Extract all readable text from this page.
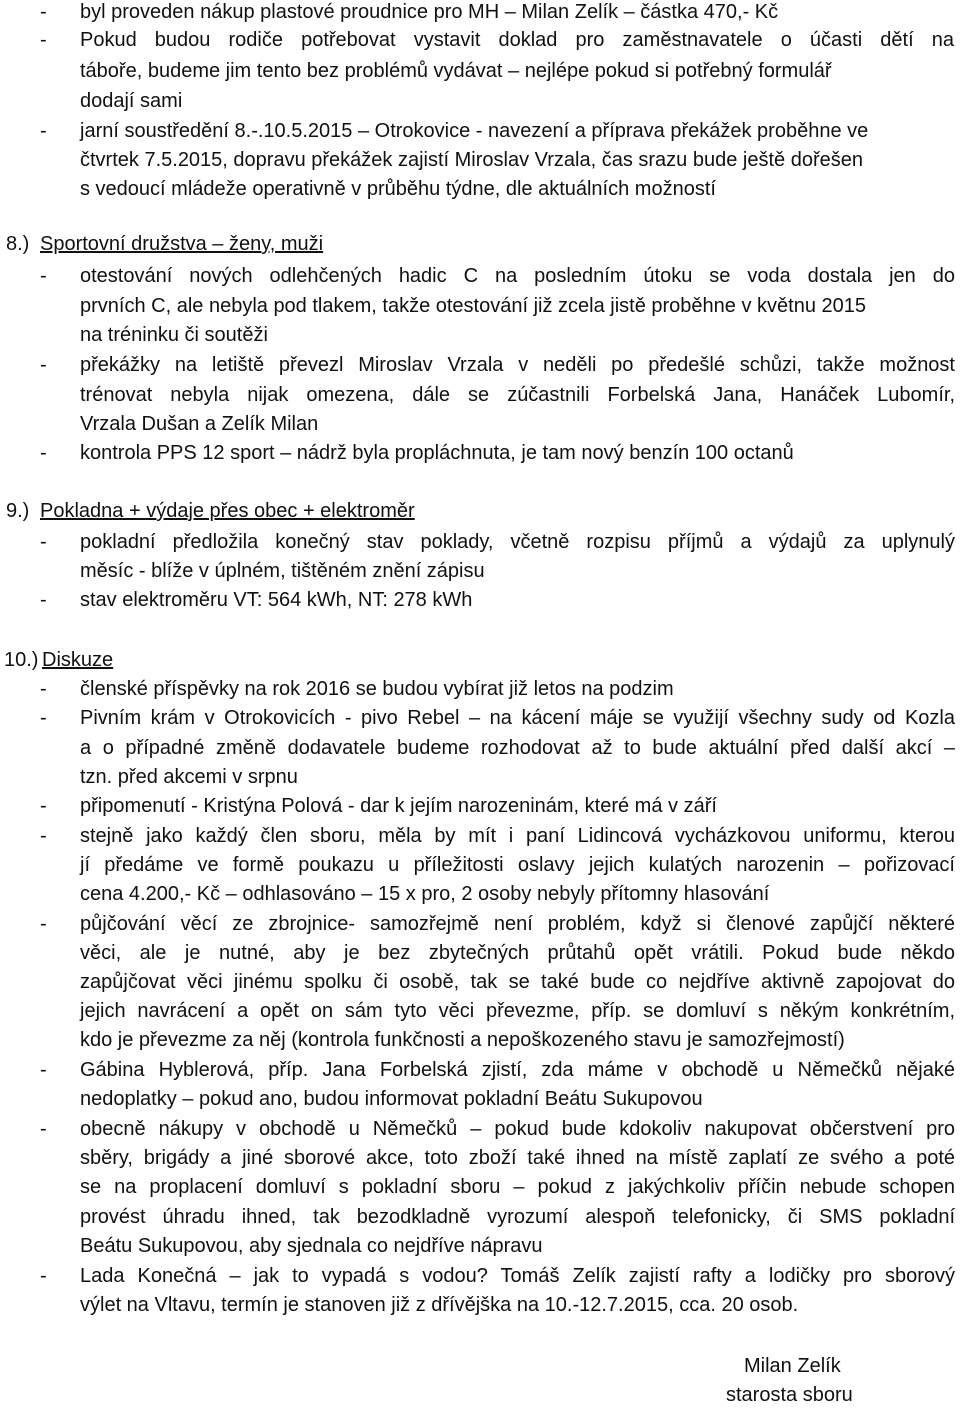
-	byl proveden nákup plastové proudnice pro MH – Milan Zelík – částka 470,- Kč
-	Pokud budou rodiče potřebovat vystavit doklad pro zaměstnavatele o účasti dětí na
táboře, budeme jim tento bez problémů vydávat – nejlépe pokud si potřebný formulář
dodají sami
-	jarní soustředění 8.-.10.5.2015 – Otrokovice - navezení a příprava překážek proběhne ve
čtvrtek 7.5.2015, dopravu překážek zajistí Miroslav Vrzala, čas srazu bude ještě dořešen
s vedoucí mládeže operativně v průběhu týdne, dle aktuálních možností
8.) Sportovní družstva – ženy, muži
- otestování nových odlehčených hadic C na posledním útoku se voda dostala jen do
prvních C, ale nebyla pod tlakem, takže otestování již zcela jistě proběhne v květnu 2015
na tréninku či soutěži
- překážky na letiště převezl Miroslav Vrzala v neděli po předešlé schůzi, takže možnost
trénovat nebyla nijak omezena, dále se zúčastnili Forbelská Jana, Hanáček Lubomír,
Vrzala Dušan a Zelík Milan
- kontrola PPS 12 sport – nádrž byla propláchnuta, je tam nový benzín 100 octanů
9.) Pokladna + výdaje přes obec + elektroměr
- pokladní předložila konečný stav poklady, včetně rozpisu příjmů a výdajů za uplynulý
měsíc - blíže v úplném, tištěném znění zápisu
- stav elektroměru VT: 564 kWh, NT: 278 kWh
10.) Diskuze
- členské příspěvky na rok 2016 se budou vybírat již letos na podzim
- Pivním krám v Otrokovicích - pivo Rebel – na kácení máje se využijí všechny sudy od Kozla
a o případné změně dodavatele budeme rozhodovat až to bude aktuální před další akcí –
tzn. před akcemi v srpnu
- připomenutí - Kristýna Polová - dar k jejím narozeninám, které má v září
- stejně jako každý člen sboru, měla by mít i paní Lidincová vycházkovou uniformu, kterou
jí předáme ve formě poukazu u příležitosti oslavy jejich kulatých narozenin – pořizovací
cena 4.200,- Kč – odhlasováno – 15 x pro, 2 osoby nebyly přítomny hlasování
- půjčování věcí ze zbrojnice- samozřejmě není problém, když si členové zapůjčí některé
věci, ale je nutné, aby je bez zbytečných průtahů opět vrátili. Pokud bude někdo
zapůjčovat věci jinému spolku či osobě, tak se také bude co nejdříve aktivně zapojovat do
jejich navrácení a opět on sám tyto věci převezme, příp. se domluví s někým konkrétním,
kdo je převezme za něj (kontrola funkčnosti a nepoškozeného stavu je samozřejmostí)
- Gábina Hyblerová, příp. Jana Forbelská zjistí, zda máme v obchodě u Němečků nějaké
nedoplatky – pokud ano, budou informovat pokladní Beátu Sukupovou
- obecně nákupy v obchodě u Němečků – pokud bude kdokoliv nakupovat občerstvení pro
sběry, brigády a jiné sborové akce, toto zboží také ihned na místě zaplatí ze svého a poté
se na proplacení domluví s pokladní sboru – pokud z jakýchkoliv příčin nebude schopen
provést úhradu ihned, tak bezodkladně vyrozumí alespoň telefonicky, či SMS pokladní
Beátu Sukupovou, aby sjednala co nejdříve nápravu
- Lada Konečná – jak to vypadá s vodou? Tomáš Zelík zajistí rafty a lodičky pro sborový
výlet na Vltavu, termín je stanoven již z dřívějška na 10.-12.7.2015, cca. 20 osob.
Milan Zelík
starosta sboru
